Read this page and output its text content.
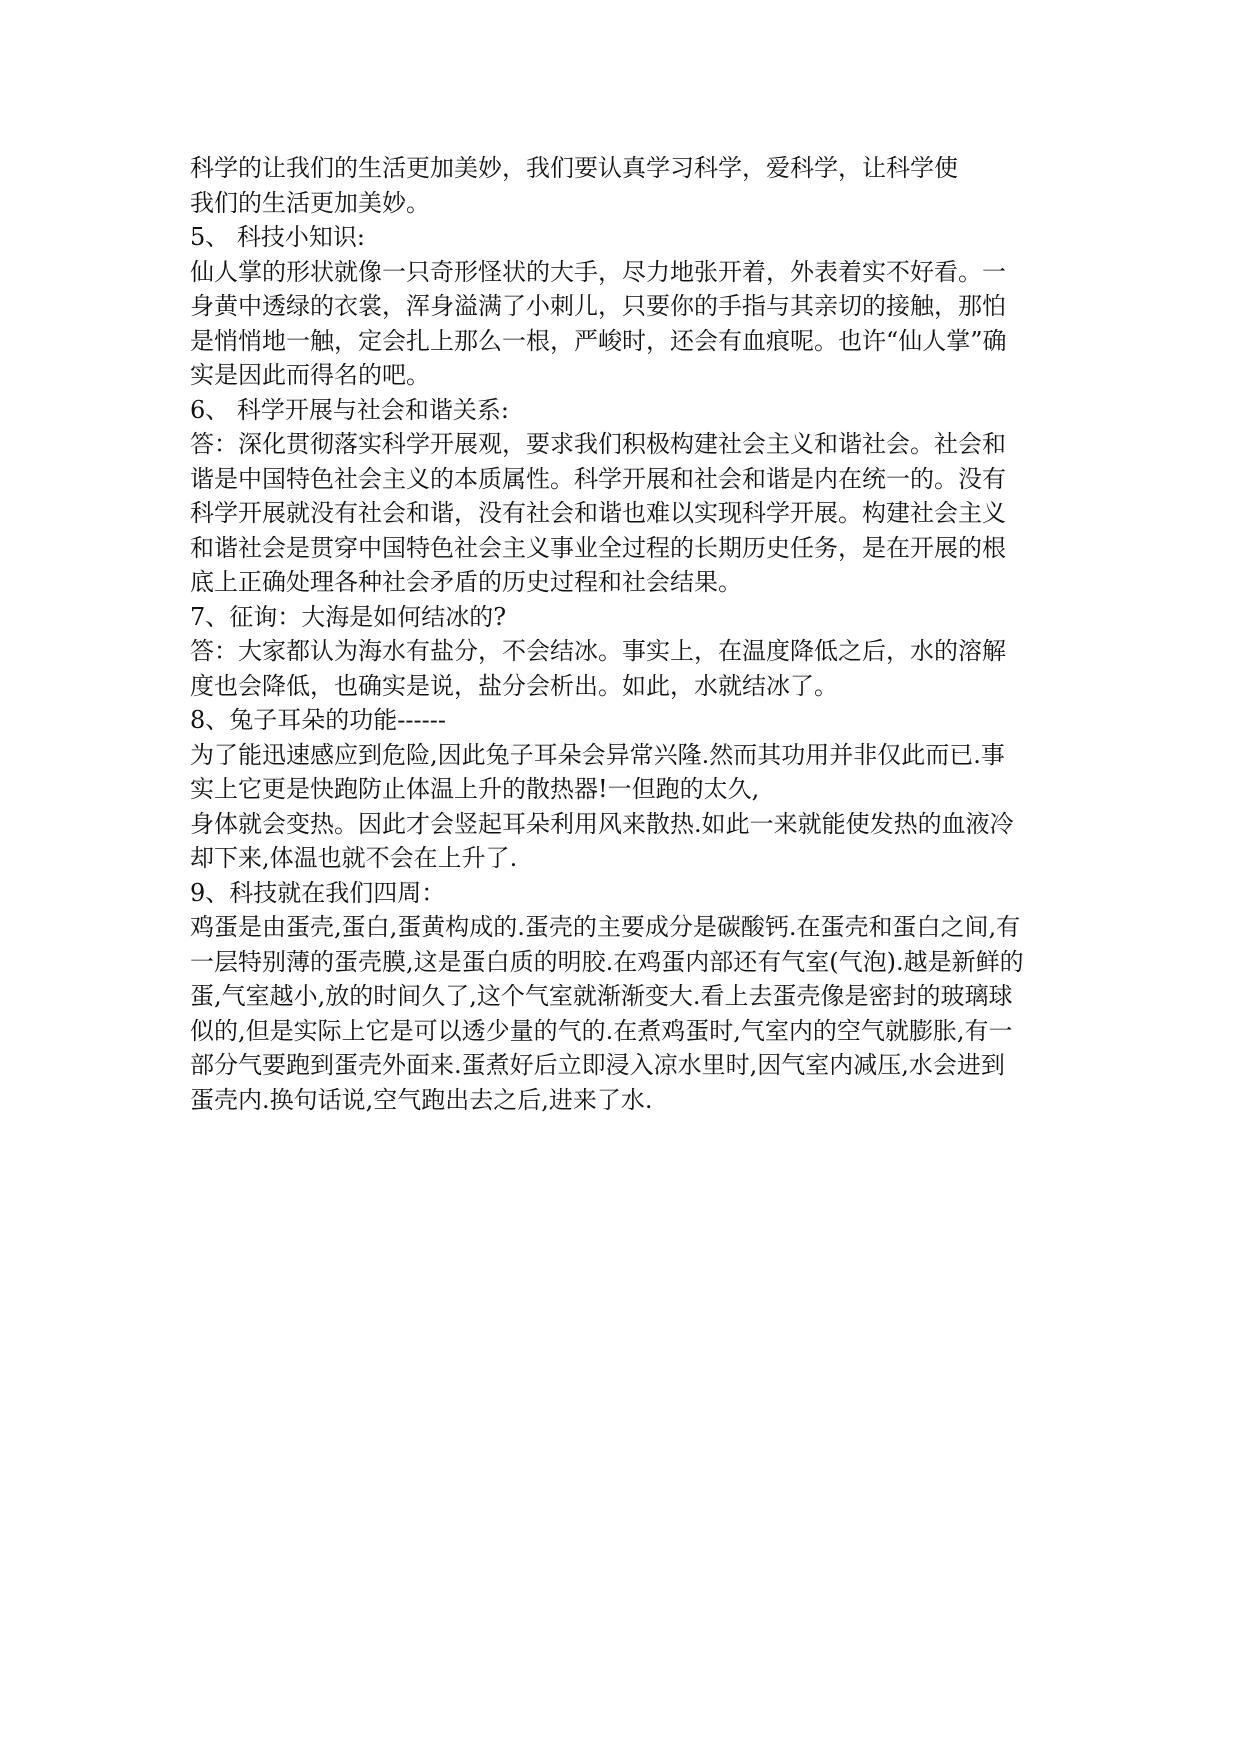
科学的让我们的生活更加美妙，我们要认真学习科学，爱科学，让科学使
我们的生活更加美妙。
5、 科技小知识:
仙人掌的形状就像一只奇形怪状的大手，尽力地张开着，外表着实不好看。一
身黄中透绿的衣裳，浑身溢满了小刺儿，只要你的手指与其亲切的接触，那怕
是悄悄地一触，定会扎上那么一根，严峻时，还会有血痕呢。也许“仙人掌”确
实是因此而得名的吧。
6、 科学开展与社会和谐关系:
答：深化贯彻落实科学开展观，要求我们积极构建社会主义和谐社会。社会和
谐是中国特色社会主义的本质属性。科学开展和社会和谐是内在统一的。没有
科学开展就没有社会和谐，没有社会和谐也难以实现科学开展。构建社会主义
和谐社会是贯穿中国特色社会主义事业全过程的长期历史任务，是在开展的根
底上正确处理各种社会矛盾的历史过程和社会结果。
7、征询：大海是如何结冰的?
答：大家都认为海水有盐分，不会结冰。事实上，在温度降低之后，水的溶解
度也会降低，也确实是说，盐分会析出。如此，水就结冰了。
8、兔子耳朵的功能------
为了能迅速感应到危险,因此兔子耳朵会异常兴隆.然而其功用并非仅此而已.事
实上它更是快跑防止体温上升的散热器!一但跑的太久,
身体就会变热。因此才会竖起耳朵利用风来散热.如此一来就能使发热的血液冷
却下来,体温也就不会在上升了.
9、科技就在我们四周：
鸡蛋是由蛋壳,蛋白,蛋黄构成的.蛋壳的主要成分是碳酸钙.在蛋壳和蛋白之间,有
一层特别薄的蛋壳膜,这是蛋白质的明胶.在鸡蛋内部还有气室(气泡).越是新鲜的
蛋,气室越小,放的时间久了,这个气室就渐渐变大.看上去蛋壳像是密封的玻璃球
似的,但是实际上它是可以透少量的气的.在煮鸡蛋时,气室内的空气就膨胀,有一
部分气要跑到蛋壳外面来.蛋煮好后立即浸入凉水里时,因气室内减压,水会进到
蛋壳内.换句话说,空气跑出去之后,进来了水.
